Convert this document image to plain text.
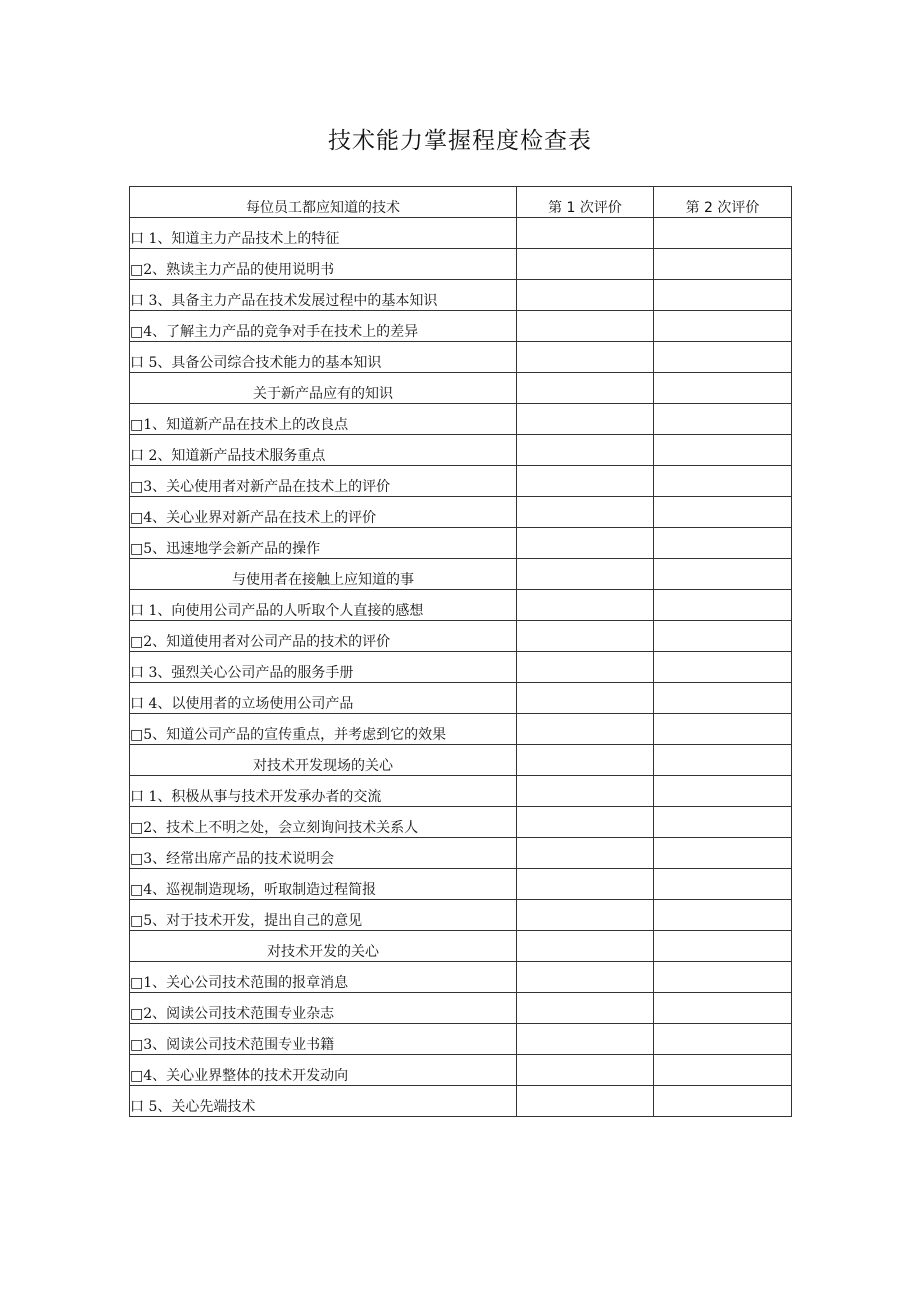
技术能力掌握程度检查表
每位员工都应知道的技术	第 1 次评价	第 2 次评价
口 1、知道主力产品技术上的特征		
□2、熟读主力产品的使用说明书		
口 3、具备主力产品在技术发展过程中的基本知识		
□4、了解主力产品的竞争对手在技术上的差异		
口 5、具备公司综合技术能力的基本知识		
关于新产品应有的知识		
□1、知道新产品在技术上的改良点		
口 2、知道新产品技术服务重点		
□3、关心使用者对新产品在技术上的评价		
□4、关心业界对新产品在技术上的评价		
□5、迅速地学会新产品的操作		
与使用者在接触上应知道的事		
口 1、向使用公司产品的人听取个人直接的感想		
□2、知道使用者对公司产品的技术的评价		
口 3、强烈关心公司产品的服务手册		
口 4、以使用者的立场使用公司产品		
□5、知道公司产品的宣传重点，并考虑到它的效果		
对技术开发现场的关心		
口 1、积极从事与技术开发承办者的交流		
□2、技术上不明之处，会立刻询问技术关系人		
□3、经常出席产品的技术说明会		
□4、巡视制造现场，听取制造过程简报		
□5、对于技术开发，提出自己的意见		
对技术开发的关心		
□1、关心公司技术范围的报章消息		
□2、阅读公司技术范围专业杂志		
□3、阅读公司技术范围专业书籍		
□4、关心业界整体的技术开发动向		
口 5、关心先端技术		
